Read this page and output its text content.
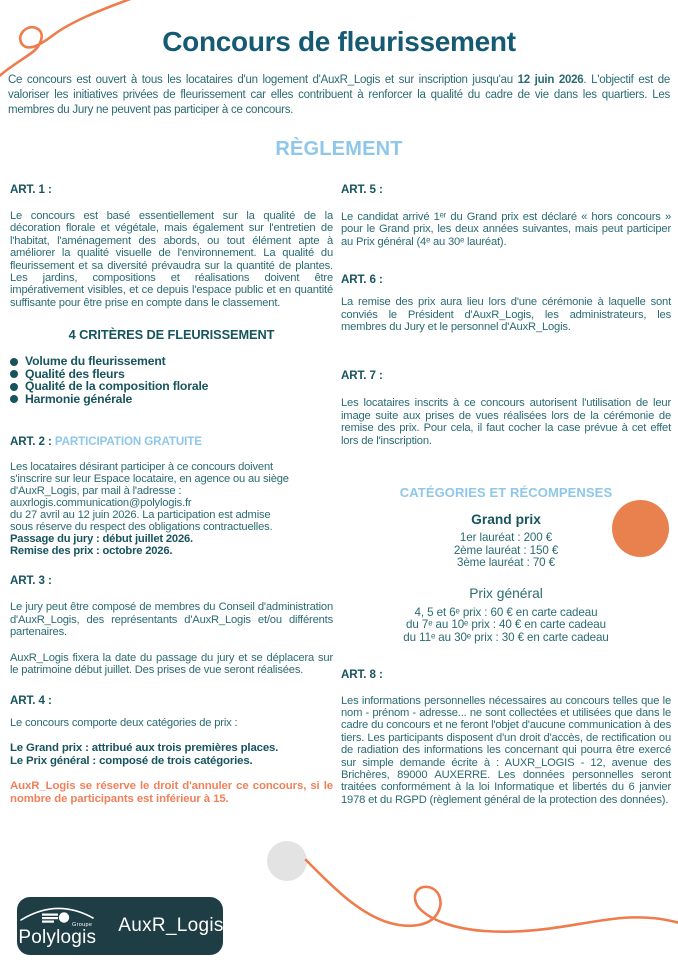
Concours de fleurissement

Ce concours est ouvert à tous les locataires d'un logement d'AuxR_Logis et sur inscription jusqu'au 12 juin 2026. L'objectif est de valoriser les initiatives privées de fleurissement car elles contribuent à renforcer la qualité du cadre de vie dans les quartiers. Les membres du Jury ne peuvent pas participer à ce concours.

RÈGLEMENT
ART. 1 :

Le concours est basé essentiellement sur la qualité de la décoration florale et végétale, mais également sur l'entretien de l'habitat, l'aménagement des abords, ou tout élément apte à améliorer la qualité visuelle de l'environnement. La qualité du fleurissement et sa diversité prévaudra sur la quantité de plantes. Les jardins, compositions et réalisations doivent être impérativement visibles, et ce depuis l'espace public et en quantité suffisante pour être prise en compte dans le classement.

4 CRITÈRES DE FLEURISSEMENT
Volume du fleurissement
Qualité des fleurs
Qualité de la composition florale
Harmonie générale
ART. 2 : PARTICIPATION GRATUITE
Les locataires désirant participer à ce concours doivent
s'inscrire sur leur Espace locataire, en agence ou au siège
d'AuxR_Logis, par mail à l'adresse :
auxrlogis.communication@polylogis.fr
du 27 avril au 12 juin 2026. La participation est admise
sous réserve du respect des obligations contractuelles.
Passage du jury : début juillet 2026.
Remise des prix : octobre 2026.
ART. 3 :

Le jury peut être composé de membres du Conseil d'administration d'AuxR_Logis, des représentants d'AuxR_Logis et/ou différents partenaires.

AuxR_Logis fixera la date du passage du jury et se déplacera sur le patrimoine début juillet. Des prises de vue seront réalisées.

ART. 4 :

Le concours comporte deux catégories de prix :

Le Grand prix : attribué aux trois premières places.
Le Prix général : composé de trois catégories.

AuxR_Logis se réserve le droit d'annuler ce concours, si le nombre de participants est inférieur à 15.

ART. 5 :

Le candidat arrivé 1ᵉʳ du Grand prix est déclaré « hors concours » pour le Grand prix, les deux années suivantes, mais peut participer au Prix général (4ᵉ au 30ᵉ lauréat).

ART. 6 :

La remise des prix aura lieu lors d'une cérémonie à laquelle sont conviés le Président d'AuxR_Logis, les administrateurs, les membres du Jury et le personnel d'AuxR_Logis.

ART. 7 :

Les locataires inscrits à ce concours autorisent l'utilisation de leur image suite aux prises de vues réalisées lors de la cérémonie de remise des prix. Pour cela, il faut cocher la case prévue à cet effet lors de l'inscription.

CATÉGORIES ET RÉCOMPENSES
Grand prix
1er lauréat : 200 €
2ème lauréat : 150 €
3ème lauréat : 70 €
Prix général
4, 5 et 6ᵉ prix : 60 € en carte cadeau
du 7ᵉ au 10ᵉ prix : 40 € en carte cadeau
du 11ᵉ au 30ᵉ prix : 30 € en carte cadeau
ART. 8 :

Les informations personnelles nécessaires au concours telles que le nom - prénom - adresse... ne sont collectées et utilisées que dans le cadre du concours et ne feront l'objet d'aucune communication à des tiers. Les participants disposent d'un droit d'accès, de rectification ou de radiation des informations les concernant qui pourra être exercé sur simple demande écrite à : AUXR_LOGIS - 12, avenue des Brichères, 89000 AUXERRE. Les données personnelles seront traitées conformément à la loi Informatique et libertés du 6 janvier 1978 et du RGPD (règlement général de la protection des données).

Groupe
Polylogis
AuxR_Logis
